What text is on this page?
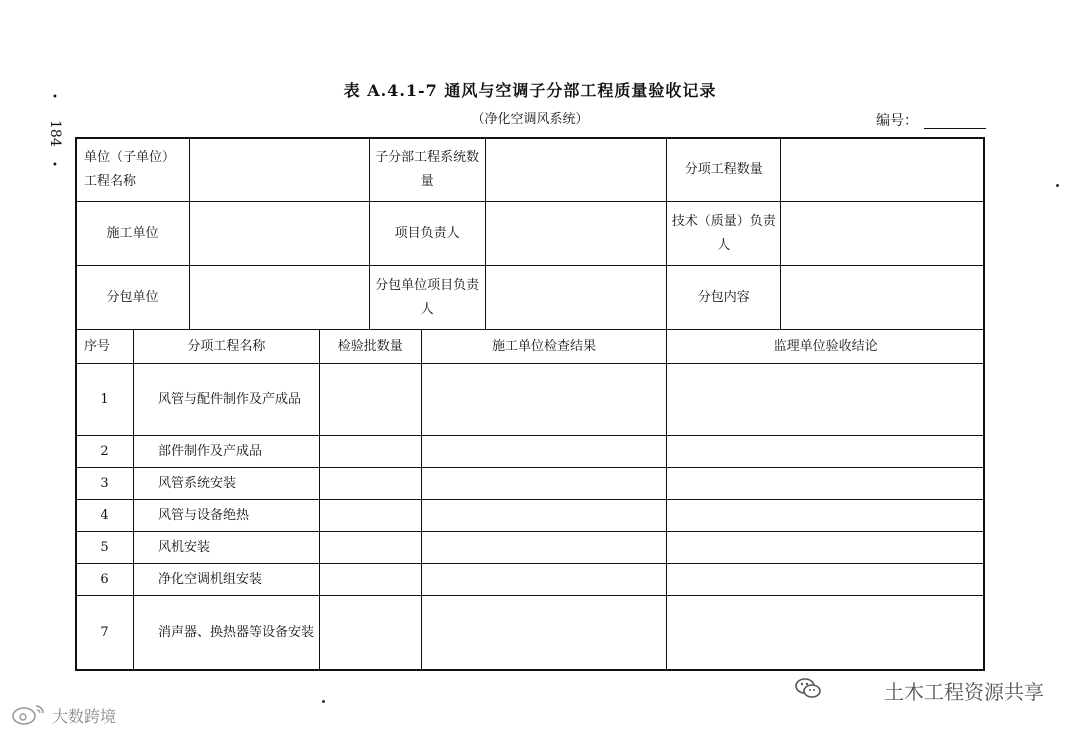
•
184
•
表 A.4.1-7 通风与空调子分部工程质量验收记录
（净化空调风系统）	编号：
单位（子单位）工程名称		子分部工程系统数量		分项工程数量	
施工单位		项目负责人		技术（质量）负责人	
分包单位		分包单位项目负责人		分包内容	
序号	分项工程名称	检验批数量	施工单位检查结果	监理单位验收结论
1	风管与配件制作及产成品			
2	部件制作及产成品			
3	风管系统安装			
4	风管与设备绝热			
5	风机安装			
6	净化空调机组安装			
7	消声器、换热器等设备安装			
土木工程资源共享
大数跨境
